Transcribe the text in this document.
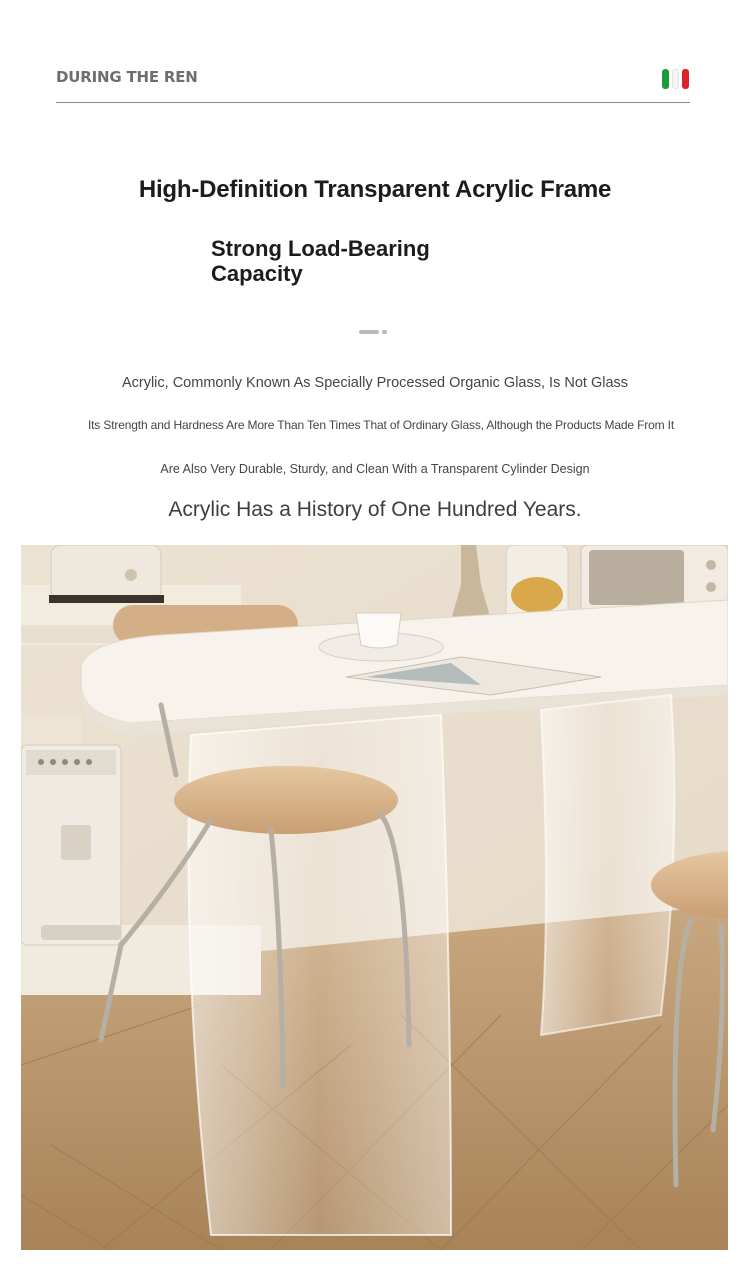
DURING THE REN
High-Definition Transparent Acrylic Frame
Strong Load-Bearing
Capacity
Acrylic, Commonly Known As Specially Processed Organic Glass, Is Not Glass
Its Strength and Hardness Are More Than Ten Times That of Ordinary Glass, Although the Products Made From It
Are Also Very Durable, Sturdy, and Clean With a Transparent Cylinder Design
Acrylic Has a History of One Hundred Years.
